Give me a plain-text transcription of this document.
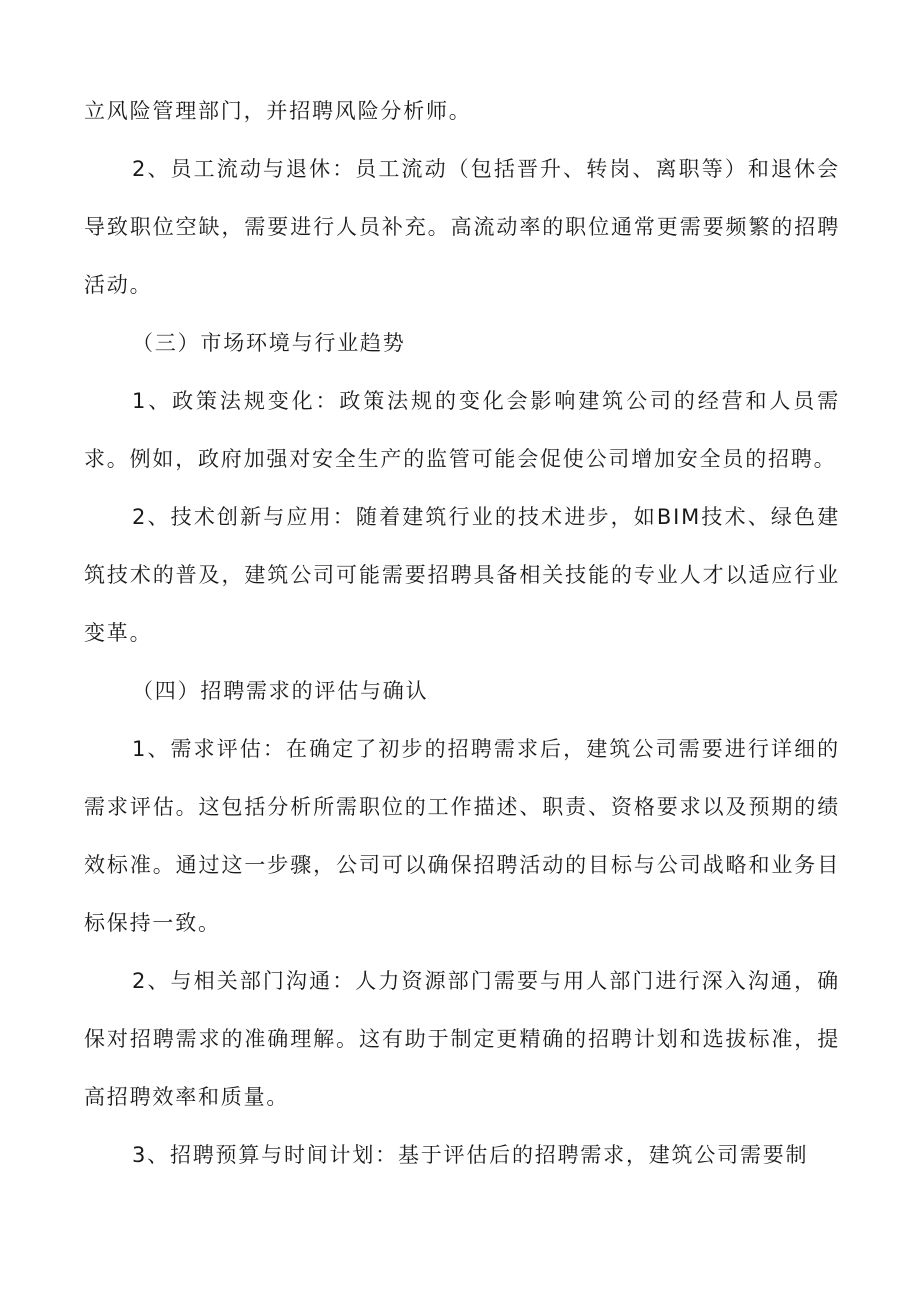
立风险管理部门，并招聘风险分析师。

2、员工流动与退休：员工流动（包括晋升、转岗、离职等）和退休会导致职位空缺，需要进行人员补充。高流动率的职位通常更需要频繁的招聘活动。

（三）市场环境与行业趋势

1、政策法规变化：政策法规的变化会影响建筑公司的经营和人员需求。例如，政府加强对安全生产的监管可能会促使公司增加安全员的招聘。

2、技术创新与应用：随着建筑行业的技术进步，如BIM技术、绿色建筑技术的普及，建筑公司可能需要招聘具备相关技能的专业人才以适应行业变革。

（四）招聘需求的评估与确认

1、需求评估：在确定了初步的招聘需求后，建筑公司需要进行详细的需求评估。这包括分析所需职位的工作描述、职责、资格要求以及预期的绩效标准。通过这一步骤，公司可以确保招聘活动的目标与公司战略和业务目标保持一致。

2、与相关部门沟通：人力资源部门需要与用人部门进行深入沟通，确保对招聘需求的准确理解。这有助于制定更精确的招聘计划和选拔标准，提高招聘效率和质量。

3、招聘预算与时间计划：基于评估后的招聘需求，建筑公司需要制
